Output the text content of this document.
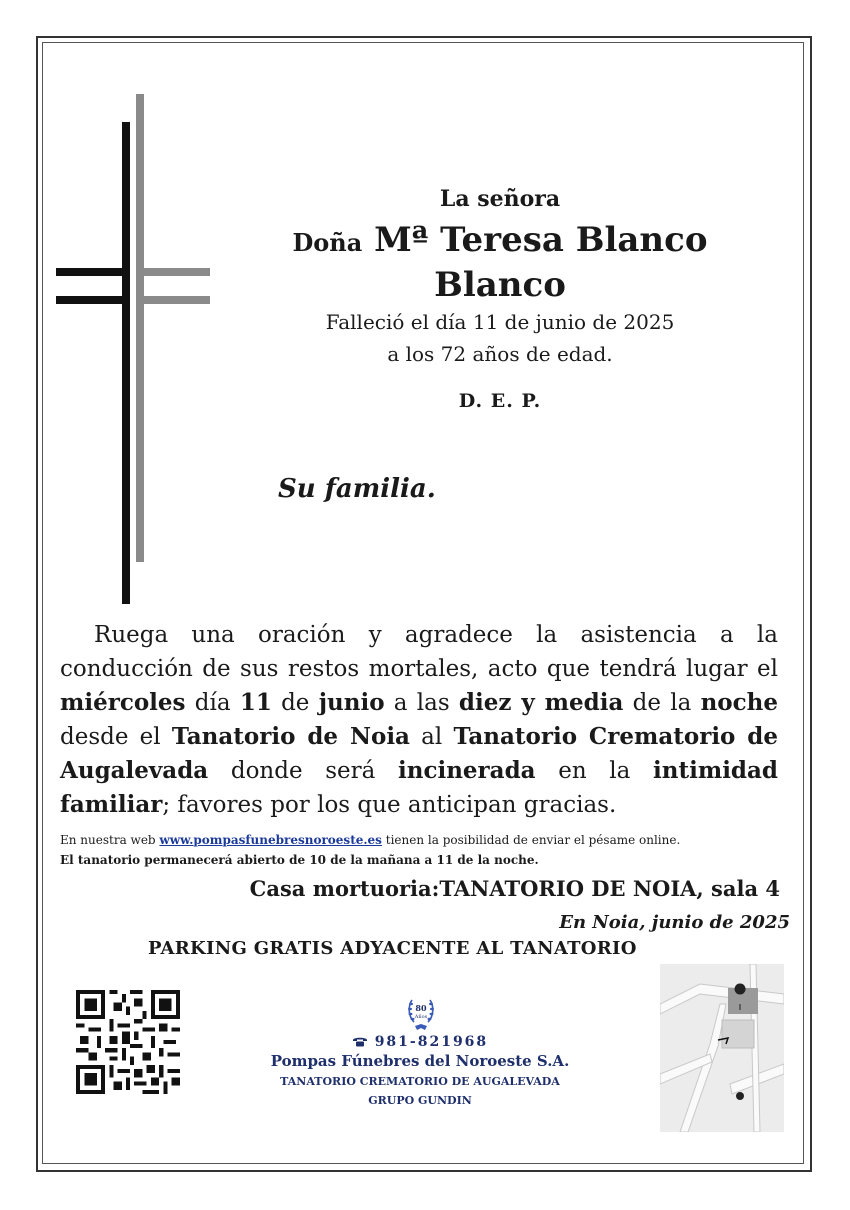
La señora

Doña Mª Teresa Blanco Blanco

Falleció el día 11 de junio de 2025

a los 72 años de edad.

D. E. P.

Su familia.

Ruega una oración y agradece la asistencia a la conducción de sus restos mortales, acto que tendrá lugar el miércoles día 11 de junio a las diez y media de la noche desde el Tanatorio de Noia al Tanatorio Crematorio de Augalevada donde será incinerada en la intimidad familiar; favores por los que anticipan gracias.

En nuestra web www.pompasfunebresnoroeste.es tienen la posibilidad de enviar el pésame online.
El tanatorio permanecerá abierto de 10 de la mañana a 11 de la noche.
Casa mortuoria:TANATORIO DE NOIA, sala 4
En Noia, junio de 2025
PARKING GRATIS ADYACENTE AL TANATORIO
80
Años
981-821968
Pompas Fúnebres del Noroeste S.A.
TANATORIO CREMATORIO DE AUGALEVADA
GRUPO GUNDIN
